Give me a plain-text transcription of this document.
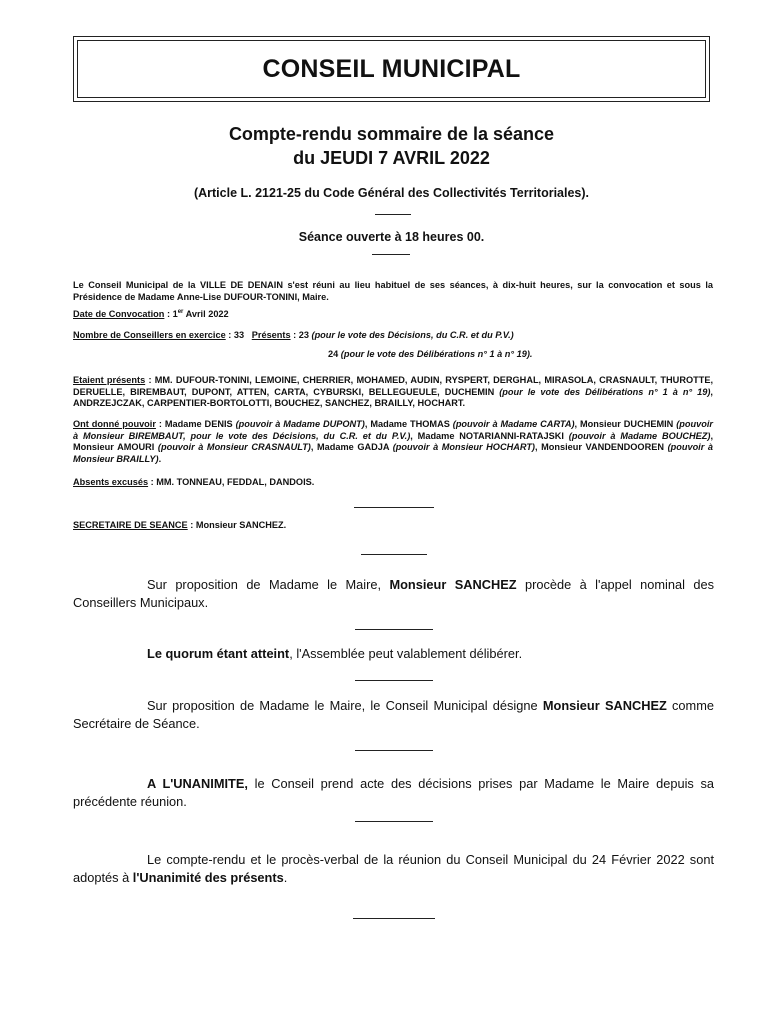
CONSEIL MUNICIPAL
Compte-rendu sommaire de la séance
du JEUDI 7 AVRIL 2022
(Article L. 2121-25 du Code Général des Collectivités Territoriales).
Séance ouverte à 18 heures 00.
Le Conseil Municipal de la VILLE DE DENAIN s'est réuni au lieu habituel de ses séances, à dix-huit heures, sur la convocation et sous la Présidence de Madame Anne-Lise DUFOUR-TONINI, Maire.
Date de Convocation : 1er Avril 2022
Nombre de Conseillers en exercice : 33 Présents : 23 (pour le vote des Décisions, du C.R. et du P.V.)
24 (pour le vote des Délibérations n° 1 à n° 19).
Etaient présents : MM. DUFOUR-TONINI, LEMOINE, CHERRIER, MOHAMED, AUDIN, RYSPERT, DERGHAL, MIRASOLA, CRASNAULT, THUROTTE, DERUELLE, BIREMBAUT, DUPONT, ATTEN, CARTA, CYBURSKI, BELLEGUEULE, DUCHEMIN (pour le vote des Délibérations n° 1 à n° 19), ANDRZEJCZAK, CARPENTIER-BORTOLOTTI, BOUCHEZ, SANCHEZ, BRAILLY, HOCHART.
Ont donné pouvoir : Madame DENIS (pouvoir à Madame DUPONT), Madame THOMAS (pouvoir à Madame CARTA), Monsieur DUCHEMIN (pouvoir à Monsieur BIREMBAUT, pour le vote des Décisions, du C.R. et du P.V.), Madame NOTARIANNI-RATAJSKI (pouvoir à Madame BOUCHEZ), Monsieur AMOURI (pouvoir à Monsieur CRASNAULT), Madame GADJA (pouvoir à Monsieur HOCHART), Monsieur VANDENDOOREN (pouvoir à Monsieur BRAILLY).
Absents excusés : MM. TONNEAU, FEDDAL, DANDOIS.
SECRETAIRE DE SEANCE : Monsieur SANCHEZ.
Sur proposition de Madame le Maire, Monsieur SANCHEZ procède à l'appel nominal des Conseillers Municipaux.
Le quorum étant atteint, l'Assemblée peut valablement délibérer.
Sur proposition de Madame le Maire, le Conseil Municipal désigne Monsieur SANCHEZ comme Secrétaire de Séance.
A L'UNANIMITE, le Conseil prend acte des décisions prises par Madame le Maire depuis sa précédente réunion.
Le compte-rendu et le procès-verbal de la réunion du Conseil Municipal du 24 Février 2022 sont adoptés à l'Unanimité des présents.
